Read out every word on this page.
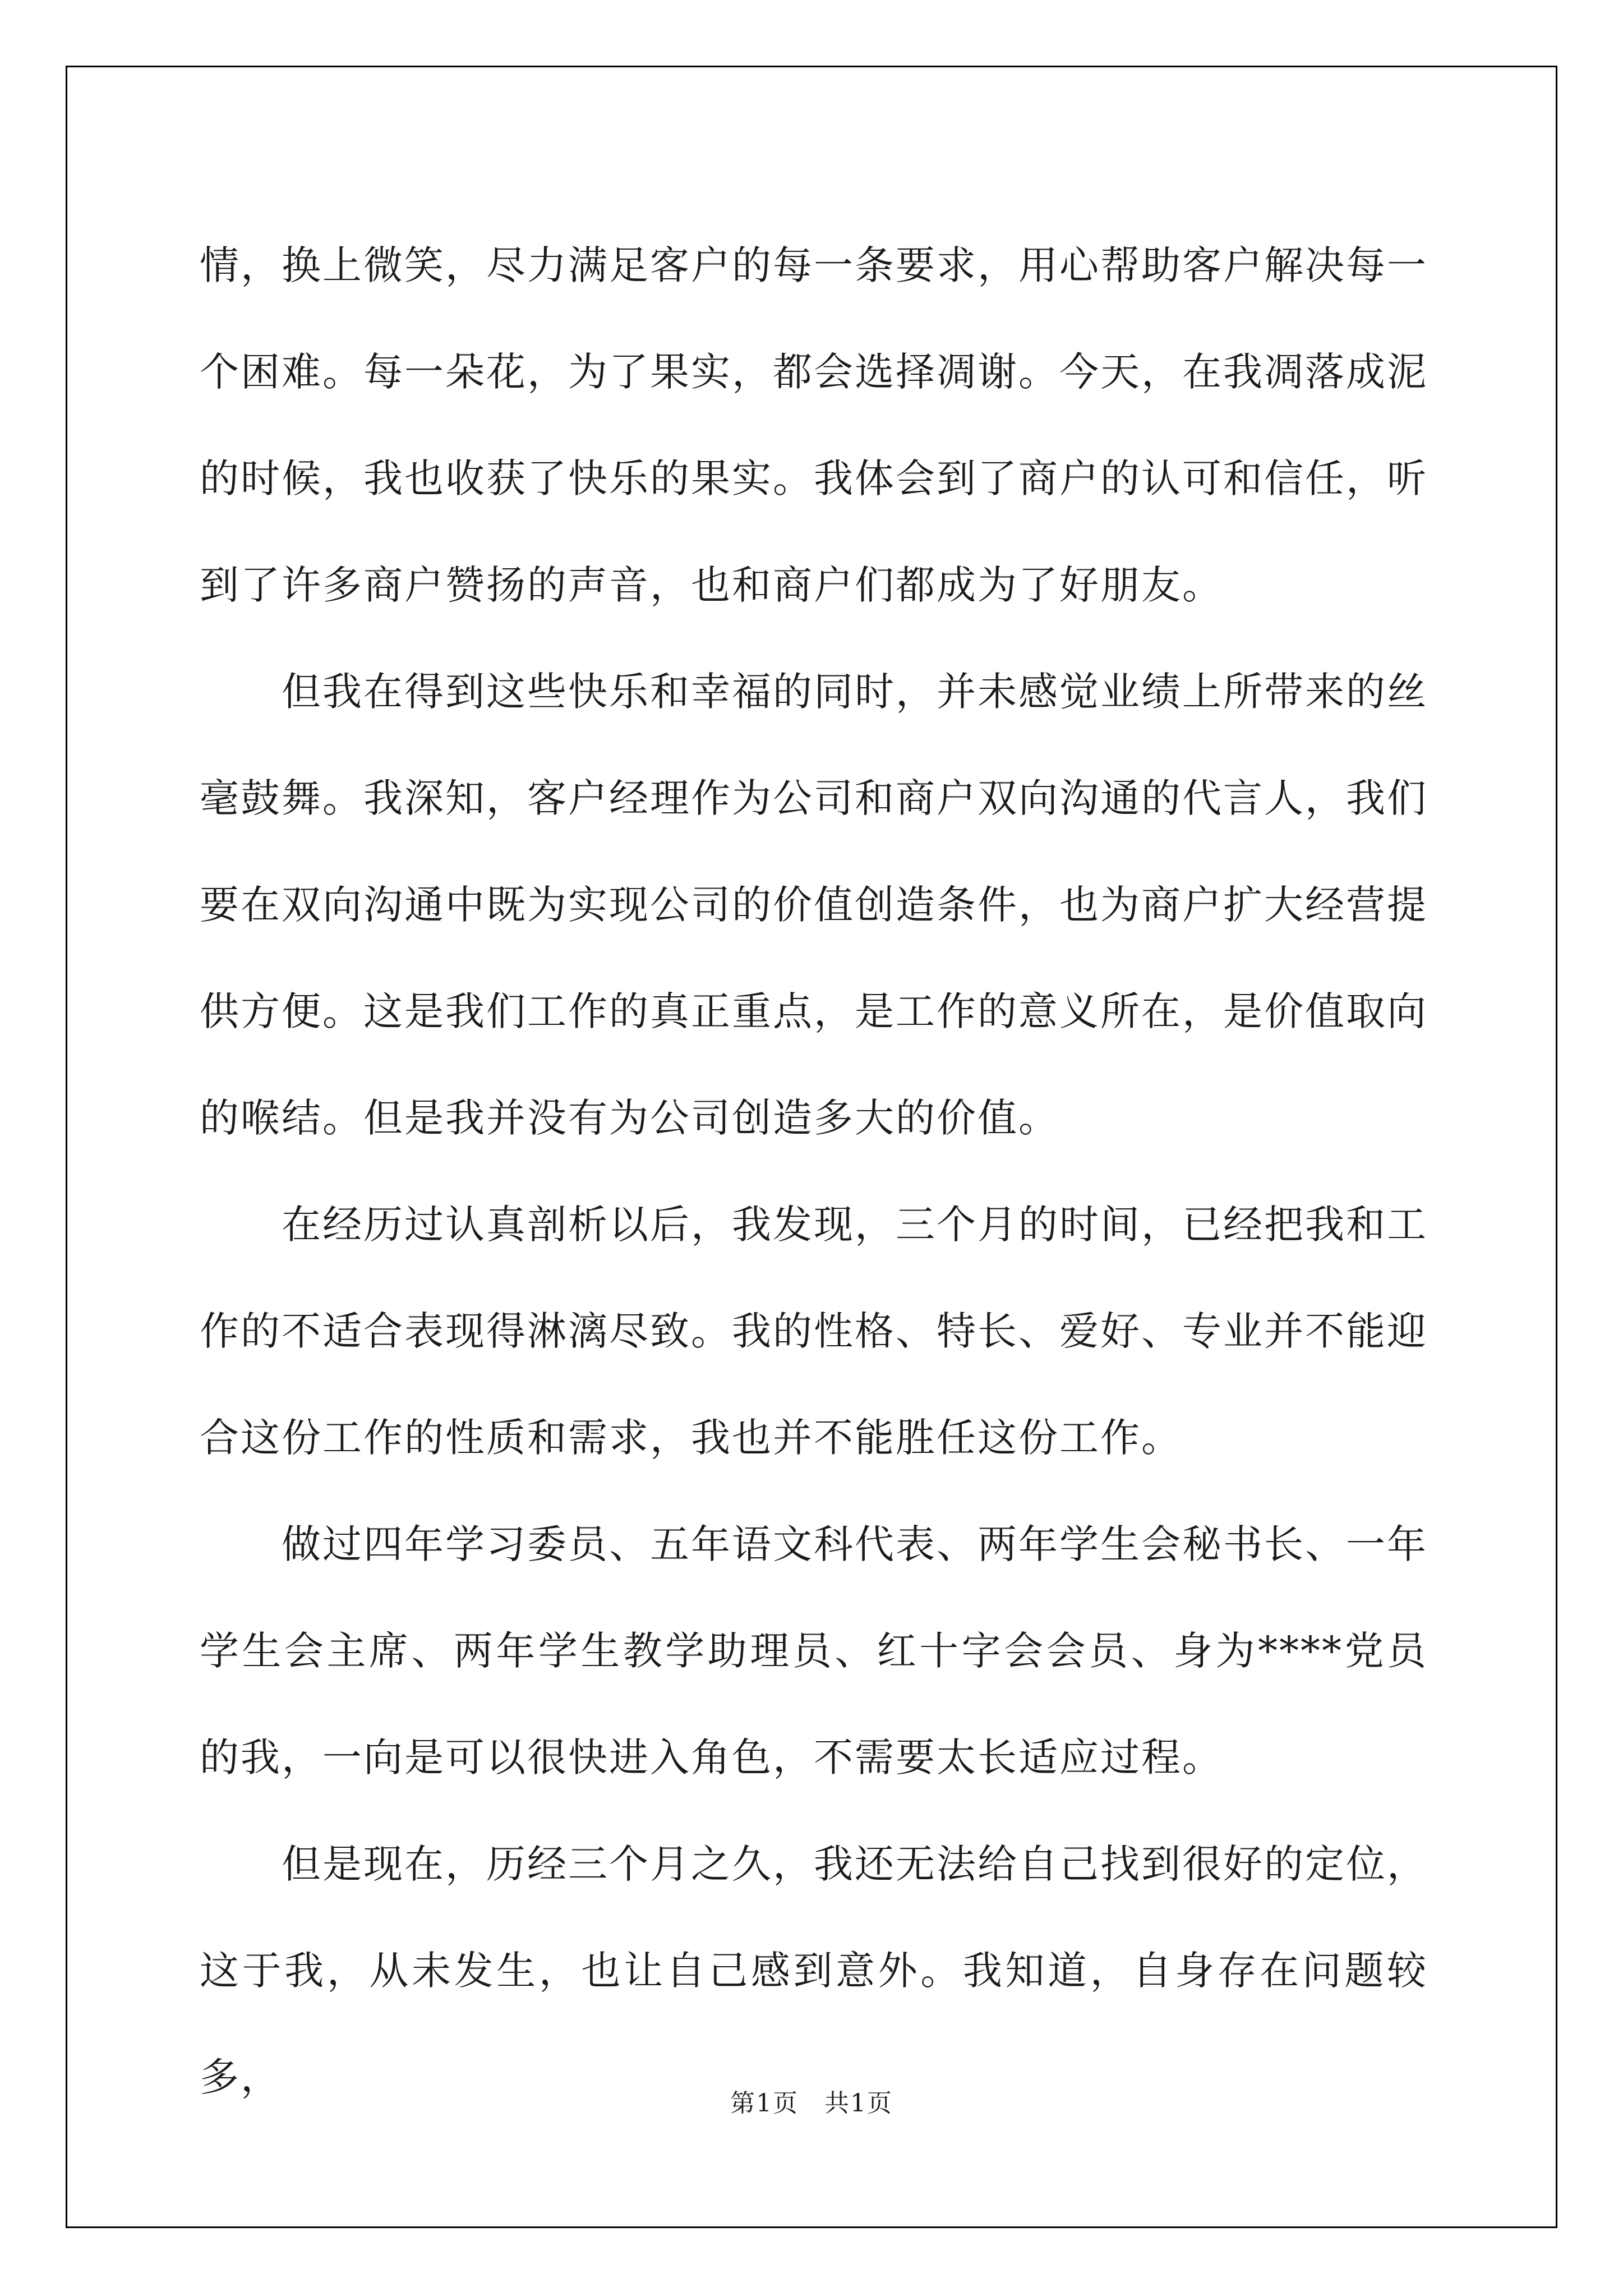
情，换上微笑，尽力满足客户的每一条要求，用心帮助客户解决每一个困难。每一朵花，为了果实，都会选择凋谢。今天，在我凋落成泥的时候，我也收获了快乐的果实。我体会到了商户的认可和信任，听到了许多商户赞扬的声音，也和商户们都成为了好朋友。

但我在得到这些快乐和幸福的同时，并未感觉业绩上所带来的丝毫鼓舞。我深知，客户经理作为公司和商户双向沟通的代言人，我们要在双向沟通中既为实现公司的价值创造条件，也为商户扩大经营提供方便。这是我们工作的真正重点，是工作的意义所在，是价值取向的喉结。但是我并没有为公司创造多大的价值。

在经历过认真剖析以后，我发现，三个月的时间，已经把我和工作的不适合表现得淋漓尽致。我的性格、特长、爱好、专业并不能迎合这份工作的性质和需求，我也并不能胜任这份工作。

做过四年学习委员、五年语文科代表、两年学生会秘书长、一年学生会主席、两年学生教学助理员、红十字会会员、身为****党员的我，一向是可以很快进入角色，不需要太长适应过程。

但是现在，历经三个月之久，我还无法给自己找到很好的定位，这于我，从未发生，也让自己感到意外。我知道，自身存在问题较多，

第1页　共1页
